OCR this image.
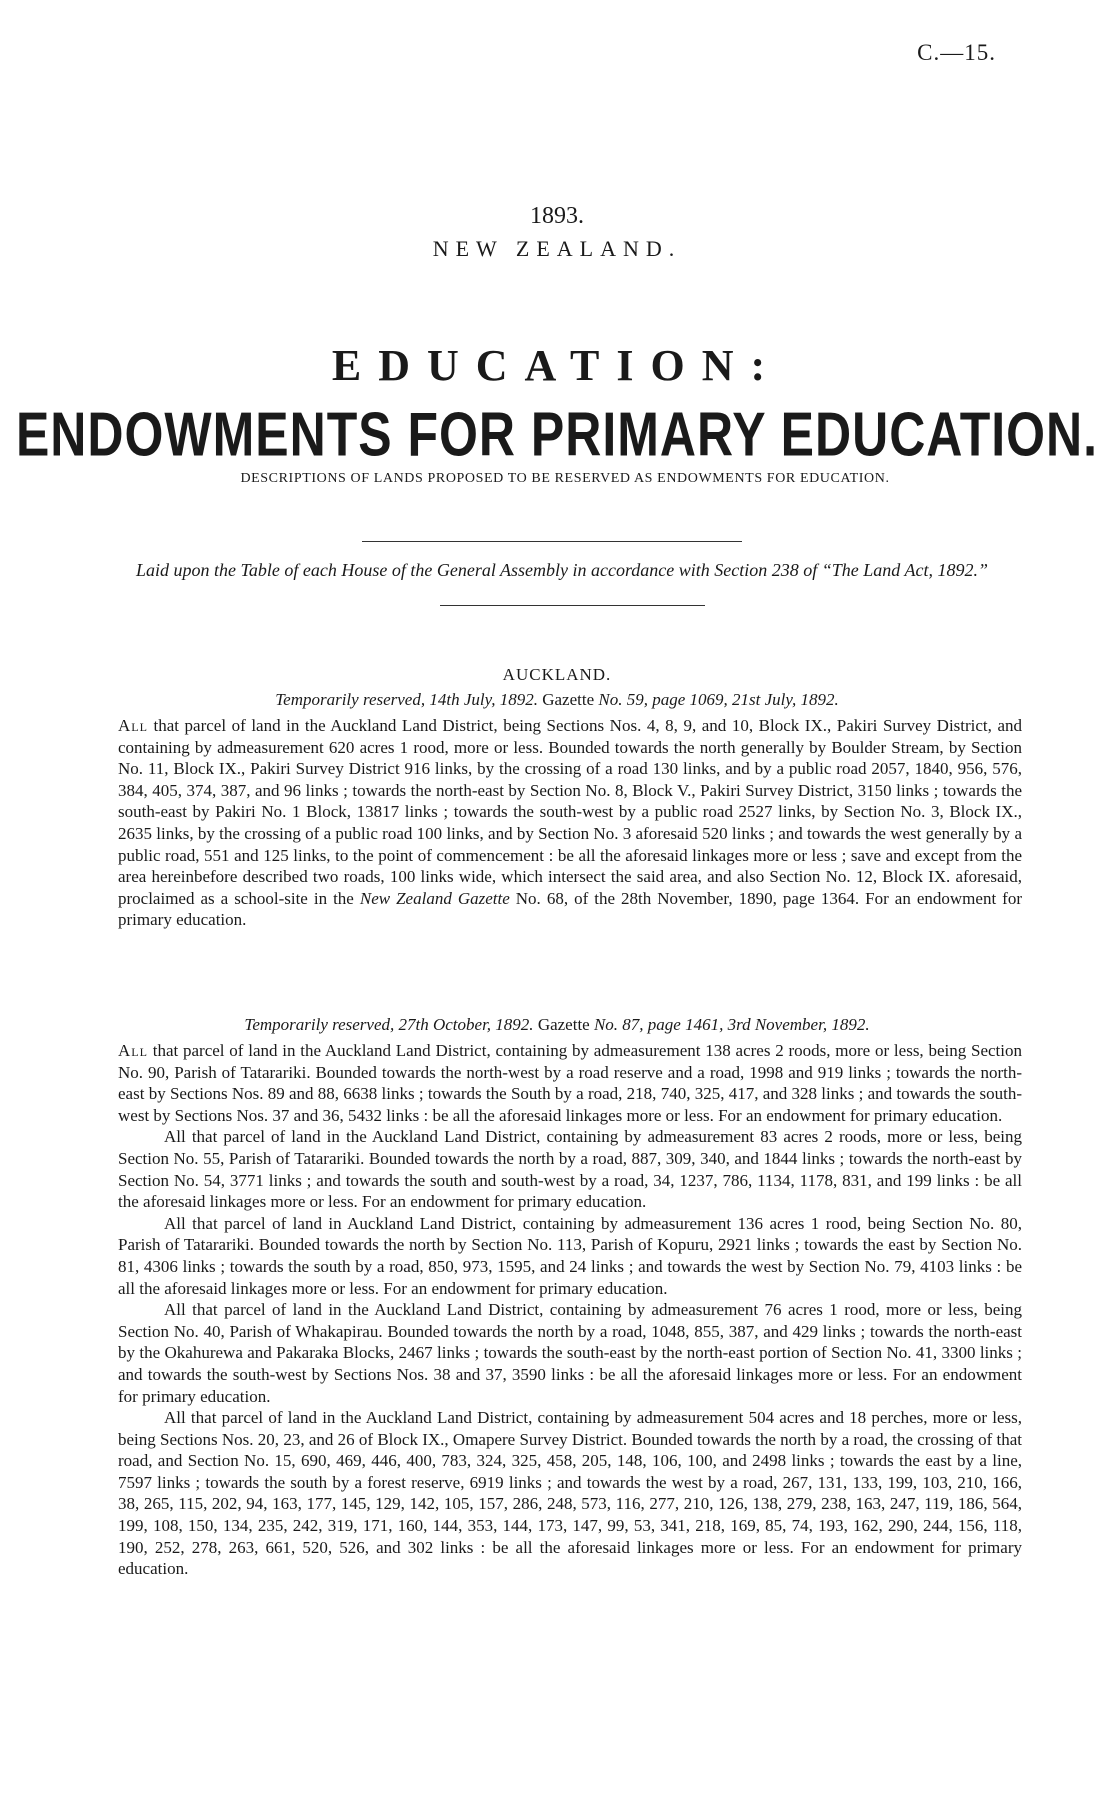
C.—15.
1893.
NEW ZEALAND.
EDUCATION:
ENDOWMENTS FOR PRIMARY EDUCATION.
DESCRIPTIONS OF LANDS PROPOSED TO BE RESERVED AS ENDOWMENTS FOR EDUCATION.
Laid upon the Table of each House of the General Assembly in accordance with Section 238 of “The Land Act, 1892.”
AUCKLAND.
Temporarily reserved, 14th July, 1892. Gazette No. 59, page 1069, 21st July, 1892.

All that parcel of land in the Auckland Land District, being Sections Nos. 4, 8, 9, and 10, Block IX., Pakiri Survey District, and containing by admeasurement 620 acres 1 rood, more or less. Bounded towards the north generally by Boulder Stream, by Section No. 11, Block IX., Pakiri Survey District 916 links, by the crossing of a road 130 links, and by a public road 2057, 1840, 956, 576, 384, 405, 374, 387, and 96 links ; towards the north-east by Section No. 8, Block V., Pakiri Survey District, 3150 links ; towards the south-east by Pakiri No. 1 Block, 13817 links ; towards the south-west by a public road 2527 links, by Section No. 3, Block IX., 2635 links, by the crossing of a public road 100 links, and by Section No. 3 aforesaid 520 links ; and towards the west generally by a public road, 551 and 125 links, to the point of commencement : be all the aforesaid linkages more or less ; save and except from the area hereinbefore described two roads, 100 links wide, which intersect the said area, and also Section No. 12, Block IX. aforesaid, proclaimed as a school-site in the New Zealand Gazette No. 68, of the 28th November, 1890, page 1364. For an endowment for primary education.

Temporarily reserved, 27th October, 1892. Gazette No. 87, page 1461, 3rd November, 1892.

All that parcel of land in the Auckland Land District, containing by admeasurement 138 acres 2 roods, more or less, being Section No. 90, Parish of Tatarariki. Bounded towards the north-west by a road reserve and a road, 1998 and 919 links ; towards the north-east by Sections Nos. 89 and 88, 6638 links ; towards the South by a road, 218, 740, 325, 417, and 328 links ; and towards the south-west by Sections Nos. 37 and 36, 5432 links : be all the aforesaid linkages more or less. For an endowment for primary education.

All that parcel of land in the Auckland Land District, containing by admeasurement 83 acres 2 roods, more or less, being Section No. 55, Parish of Tatarariki. Bounded towards the north by a road, 887, 309, 340, and 1844 links ; towards the north-east by Section No. 54, 3771 links ; and towards the south and south-west by a road, 34, 1237, 786, 1134, 1178, 831, and 199 links : be all the aforesaid linkages more or less. For an endowment for primary education.

All that parcel of land in Auckland Land District, containing by admeasurement 136 acres 1 rood, being Section No. 80, Parish of Tatarariki. Bounded towards the north by Section No. 113, Parish of Kopuru, 2921 links ; towards the east by Section No. 81, 4306 links ; towards the south by a road, 850, 973, 1595, and 24 links ; and towards the west by Section No. 79, 4103 links : be all the aforesaid linkages more or less. For an endowment for primary education.

All that parcel of land in the Auckland Land District, containing by admeasurement 76 acres 1 rood, more or less, being Section No. 40, Parish of Whakapirau. Bounded towards the north by a road, 1048, 855, 387, and 429 links ; towards the north-east by the Okahurewa and Pakaraka Blocks, 2467 links ; towards the south-east by the north-east portion of Section No. 41, 3300 links ; and towards the south-west by Sections Nos. 38 and 37, 3590 links : be all the aforesaid linkages more or less. For an endowment for primary education.

All that parcel of land in the Auckland Land District, containing by admeasurement 504 acres and 18 perches, more or less, being Sections Nos. 20, 23, and 26 of Block IX., Omapere Survey District. Bounded towards the north by a road, the crossing of that road, and Section No. 15, 690, 469, 446, 400, 783, 324, 325, 458, 205, 148, 106, 100, and 2498 links ; towards the east by a line, 7597 links ; towards the south by a forest reserve, 6919 links ; and towards the west by a road, 267, 131, 133, 199, 103, 210, 166, 38, 265, 115, 202, 94, 163, 177, 145, 129, 142, 105, 157, 286, 248, 573, 116, 277, 210, 126, 138, 279, 238, 163, 247, 119, 186, 564, 199, 108, 150, 134, 235, 242, 319, 171, 160, 144, 353, 144, 173, 147, 99, 53, 341, 218, 169, 85, 74, 193, 162, 290, 244, 156, 118, 190, 252, 278, 263, 661, 520, 526, and 302 links : be all the aforesaid linkages more or less. For an endowment for primary education.
